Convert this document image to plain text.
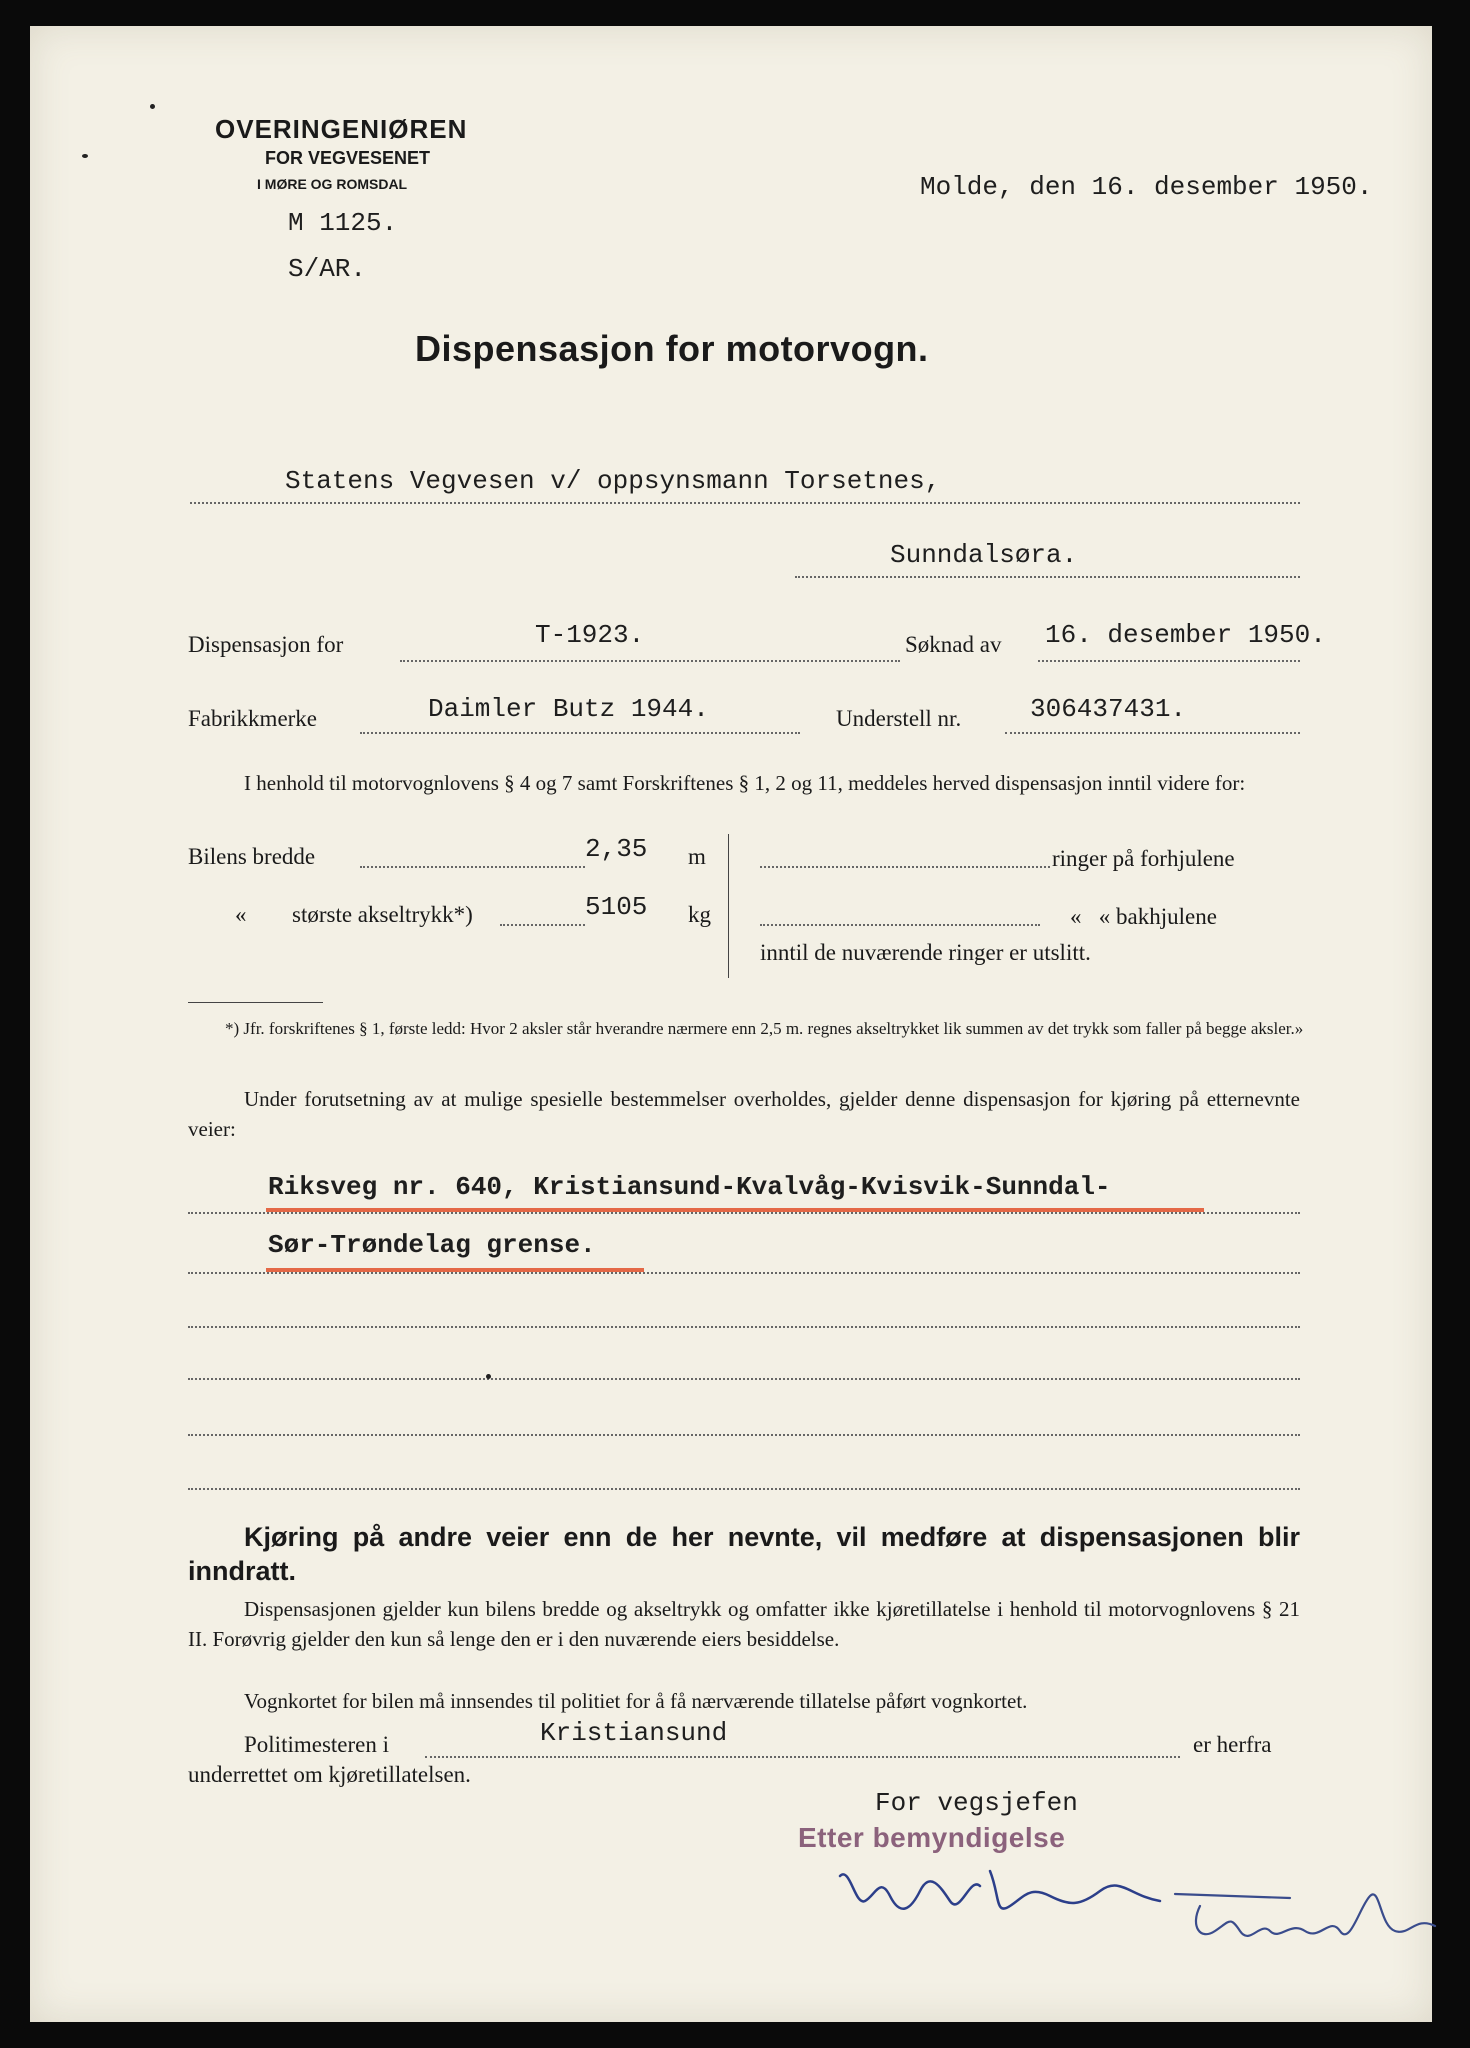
OVERINGENIØREN
FOR VEGVESENET
I MØRE OG ROMSDAL
M 1125.
S/AR.
Molde, den 16. desember 1950.
Dispensasjon for motorvogn.
Statens Vegvesen v/ oppsynsmann Torsetnes,
Sunndalsøra.
Dispensasjon for	T-1923.	Søknad av 16. desember 1950.
Fabrikkmerke	Daimler Butz 1944.	Understell nr.	306437431.
I henhold til motorvognlovens § 4 og 7 samt Forskriftenes § 1, 2 og 11, meddeles herved dispensasjon inntil videre for:
Bilens bredde	2,35 m
« største akseltrykk*)	5105 kg
ringer på forhjulene
«   « bakhjulene
inntil de nuværende ringer er utslitt.
*) Jfr. forskriftenes § 1, første ledd: Hvor 2 aksler står hverandre nærmere enn 2,5 m. regnes akseltrykket lik summen av det trykk som faller på begge aksler.»
Under forutsetning av at mulige spesielle bestemmelser overholdes, gjelder denne dispensasjon for kjøring på etternevnte veier:
Riksveg nr. 640, Kristiansund-Kvalvåg-Kvisvik-Sunndal-
Sør-Trøndelag grense.
Kjøring på andre veier enn de her nevnte, vil medføre at dispensasjonen blir inndratt.
Dispensasjonen gjelder kun bilens bredde og akseltrykk og omfatter ikke kjøretillatelse i henhold til motorvognlovens § 21 II. Forøvrig gjelder den kun så lenge den er i den nuværende eiers besiddelse.
Vognkortet for bilen må innsendes til politiet for å få nærværende tillatelse påført vognkortet.
Politimesteren i	Kristiansund	er herfra
underrettet om kjøretillatelsen.
For vegsjefen
Etter bemyndigelse
